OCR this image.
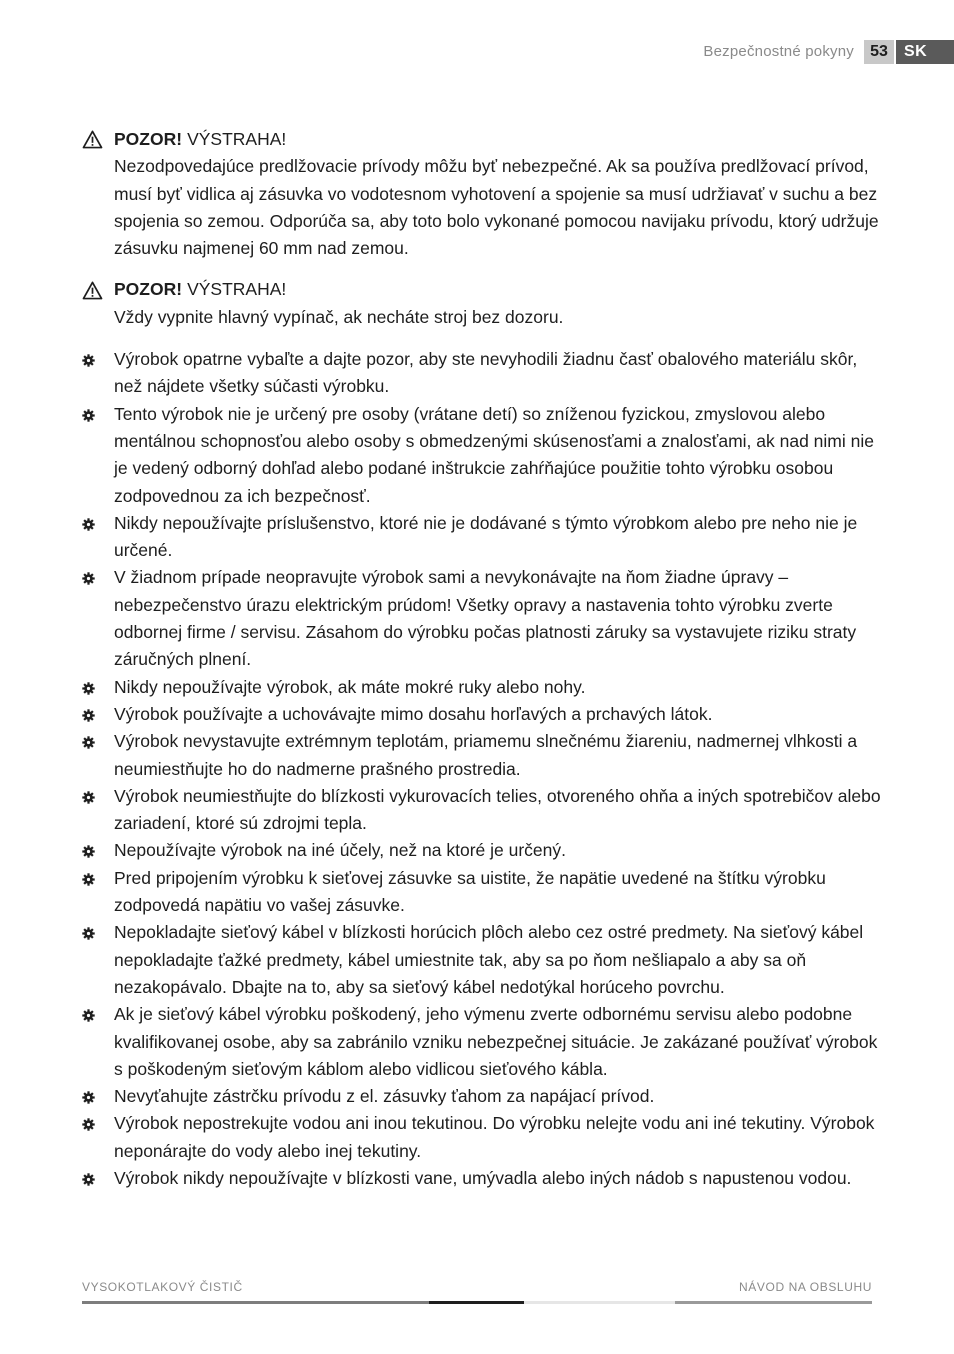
Bezpečnostné pokyny	53	SK
POZOR! VÝSTRAHA!
Nezodpovedajúce predlžovacie prívody môžu byť nebezpečné. Ak sa používa predlžovací prívod, musí byť vidlica aj zásuvka vo vodotesnom vyhotovení a spojenie sa musí udržiavať v suchu a bez spojenia so zemou. Odporúča sa, aby toto bolo vykonané pomocou navijaku prívodu, ktorý udržuje zásuvku najmenej 60 mm nad zemou.
POZOR! VÝSTRAHA!
Vždy vypnite hlavný vypínač, ak necháte stroj bez dozoru.
Výrobok opatrne vybaľte a dajte pozor, aby ste nevyhodili žiadnu časť obalového materiálu skôr, než nájdete všetky súčasti výrobku.
Tento výrobok nie je určený pre osoby (vrátane detí) so zníženou fyzickou, zmyslovou alebo mentálnou schopnosťou alebo osoby s obmedzenými skúsenosťami a znalosťami, ak nad nimi nie je vedený odborný dohľad alebo podané inštrukcie zahŕňajúce použitie tohto výrobku osobou zodpovednou za ich bezpečnosť.
Nikdy nepoužívajte príslušenstvo, ktoré nie je dodávané s týmto výrobkom alebo pre neho nie je určené.
V žiadnom prípade neopravujte výrobok sami a nevykonávajte na ňom žiadne úpravy – nebezpečenstvo úrazu elektrickým prúdom! Všetky opravy a nastavenia tohto výrobku zverte odbornej firme / servisu. Zásahom do výrobku počas platnosti záruky sa vystavujete riziku straty záručných plnení.
Nikdy nepoužívajte výrobok, ak máte mokré ruky alebo nohy.
Výrobok používajte a uchovávajte mimo dosahu horľavých a prchavých látok.
Výrobok nevystavujte extrémnym teplotám, priamemu slnečnému žiareniu, nadmernej vlhkosti a neumiestňujte ho do nadmerne prašného prostredia.
Výrobok neumiestňujte do blízkosti vykurovacích telies, otvoreného ohňa a iných spotrebičov alebo zariadení, ktoré sú zdrojmi tepla.
Nepoužívajte výrobok na iné účely, než na ktoré je určený.
Pred pripojením výrobku k sieťovej zásuvke sa uistite, že napätie uvedené na štítku výrobku zodpovedá napätiu vo vašej zásuvke.
Nepokladajte sieťový kábel v blízkosti horúcich plôch alebo cez ostré predmety. Na sieťový kábel nepokladajte ťažké predmety, kábel umiestnite tak, aby sa po ňom nešliapalo a aby sa oň nezakopávalo. Dbajte na to, aby sa sieťový kábel nedotýkal horúceho povrchu.
Ak je sieťový kábel výrobku poškodený, jeho výmenu zverte odbornému servisu alebo podobne kvalifikovanej osobe, aby sa zabránilo vzniku nebezpečnej situácie. Je zakázané používať výrobok s poškodeným sieťovým káblom alebo vidlicou sieťového kábla.
Nevyťahujte zástrčku prívodu z el. zásuvky ťahom za napájací prívod.
Výrobok nepostrekujte vodou ani inou tekutinou. Do výrobku nelejte vodu ani iné tekutiny. Výrobok neponárajte do vody alebo inej tekutiny.
Výrobok nikdy nepoužívajte v blízkosti vane, umývadla alebo iných nádob s napustenou vodou.
VYSOKOTLAKOVÝ ČISTIČ	NÁVOD NA OBSLUHU
